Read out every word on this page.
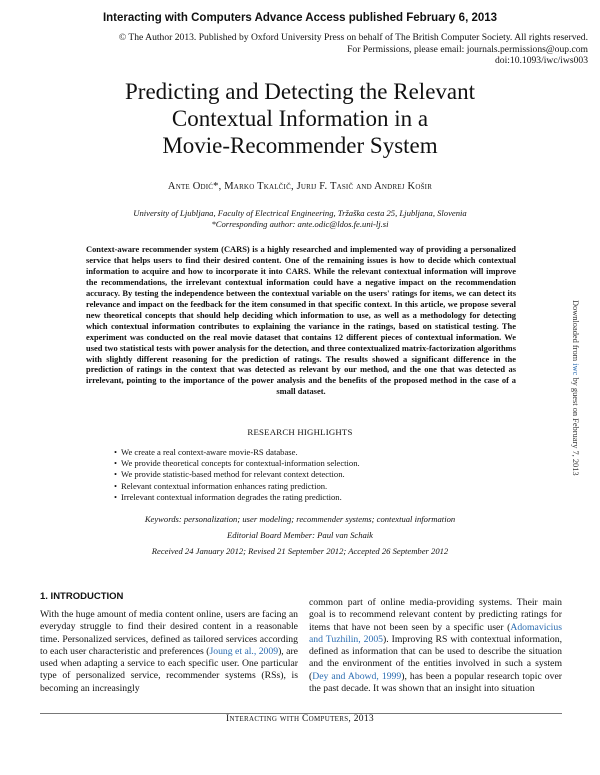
Interacting with Computers Advance Access published February 6, 2013
© The Author 2013. Published by Oxford University Press on behalf of The British Computer Society. All rights reserved.
For Permissions, please email: journals.permissions@oup.com
doi:10.1093/iwc/iws003
Predicting and Detecting the Relevant
Contextual Information in a
Movie-Recommender System
Ante Odić*, Marko Tkalčič, Jurij F. Tasič and Andrej Košir
University of Ljubljana, Faculty of Electrical Engineering, Tržaška cesta 25, Ljubljana, Slovenia
*Corresponding author: ante.odic@ldos.fe.uni-lj.si

Context-aware recommender system (CARS) is a highly researched and implemented way of providing a personalized service that helps users to find their desired content. One of the remaining issues is how to decide which contextual information to acquire and how to incorporate it into CARS. While the relevant contextual information will improve the recommendations, the irrelevant contextual information could have a negative impact on the recommendation accuracy. By testing the independence between the contextual variable on the users' ratings for items, we can detect its relevance and impact on the feedback for the item consumed in that specific context. In this article, we propose several new theoretical concepts that should help deciding which information to use, as well as a methodology for detecting which contextual information contributes to explaining the variance in the ratings, based on statistical testing. The experiment was conducted on the real movie dataset that contains 12 different pieces of contextual information. We used two statistical tests with power analysis for the detection, and three contextualized matrix-factorization algorithms with slightly different reasoning for the prediction of ratings. The results showed a significant difference in the prediction of ratings in the context that was detected as relevant by our method, and the one that was detected as irrelevant, pointing to the importance of the power analysis and the benefits of the proposed method in the case of a small dataset.

RESEARCH HIGHLIGHTS
• We create a real context-aware movie-RS database.
• We provide theoretical concepts for contextual-information selection.
• We provide statistic-based method for relevant context detection.
• Relevant contextual information enhances rating prediction.
• Irrelevant contextual information degrades the rating prediction.
Keywords: personalization; user modeling; recommender systems; contextual information
Editorial Board Member: Paul van Schaik
Received 24 January 2012; Revised 21 September 2012; Accepted 26 September 2012
Downloaded from iwc by guest on February 7, 2013
1. INTRODUCTION
With the huge amount of media content online, users are facing an everyday struggle to find their desired content in a reasonable time. Personalized services, defined as tailored services according to each user characteristic and preferences (Joung et al., 2009), are used when adapting a service to each specific user. One particular type of personalized service, recommender systems (RSs), is becoming an increasingly
common part of online media-providing systems. Their main goal is to recommend relevant content by predicting ratings for items that have not been seen by a specific user (Adomavicius and Tuzhilin, 2005). Improving RS with contextual information, defined as information that can be used to describe the situation and the environment of the entities involved in such a system (Dey and Abowd, 1999), has been a popular research topic over the past decade. It was shown that an insight into situation
Interacting with Computers, 2013
